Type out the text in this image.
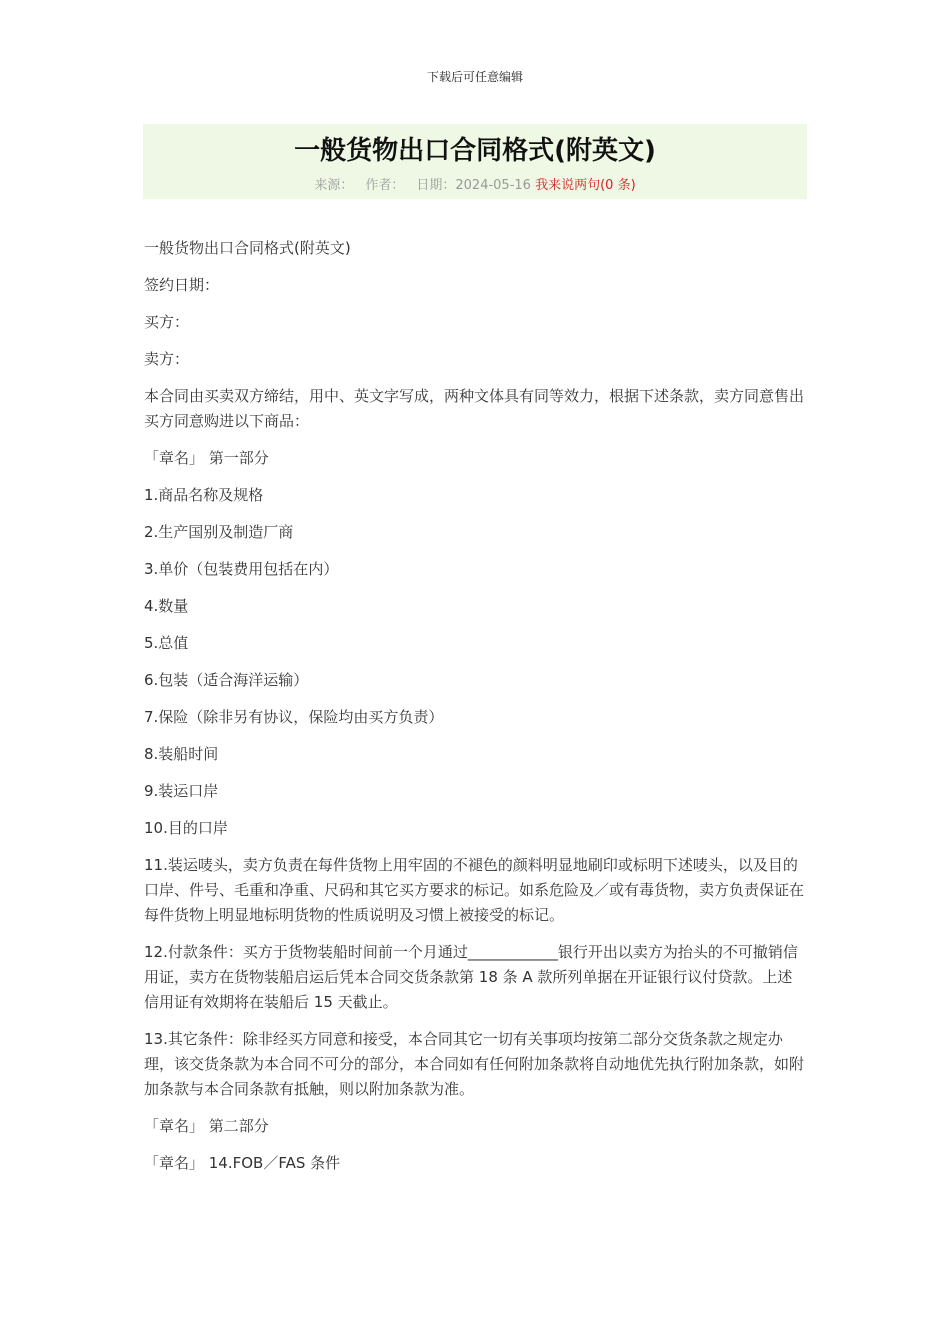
下载后可任意编辑
一般货物出口合同格式(附英文)
来源： 作者： 日期：2024-05-16 我来说两句(0 条)

一般货物出口合同格式(附英文)

签约日期：

买方：

卖方：

本合同由买卖双方缔结，用中、英文字写成，两种文体具有同等效力，根据下述条款，卖方同意售出买方同意购进以下商品：

「章名」 第一部分

1.商品名称及规格

2.生产国别及制造厂商

3.单价（包装费用包括在内）

4.数量

5.总值

6.包装（适合海洋运输）

7.保险（除非另有协议，保险均由买方负责）

8.装船时间

9.装运口岸

10.目的口岸

11.装运唛头，卖方负责在每件货物上用牢固的不褪色的颜料明显地刷印或标明下述唛头，以及目的口岸、件号、毛重和净重、尺码和其它买方要求的标记。如系危险及／或有毒货物，卖方负责保证在每件货物上明显地标明货物的性质说明及习惯上被接受的标记。

12.付款条件：买方于货物装船时间前一个月通过____________银行开出以卖方为抬头的不可撤销信用证，卖方在货物装船启运后凭本合同交货条款第 18 条 A 款所列单据在开证银行议付贷款。上述信用证有效期将在装船后 15 天截止。

13.其它条件：除非经买方同意和接受，本合同其它一切有关事项均按第二部分交货条款之规定办理，该交货条款为本合同不可分的部分，本合同如有任何附加条款将自动地优先执行附加条款，如附加条款与本合同条款有抵触，则以附加条款为准。

「章名」 第二部分

「章名」 14.FOB／FAS 条件
